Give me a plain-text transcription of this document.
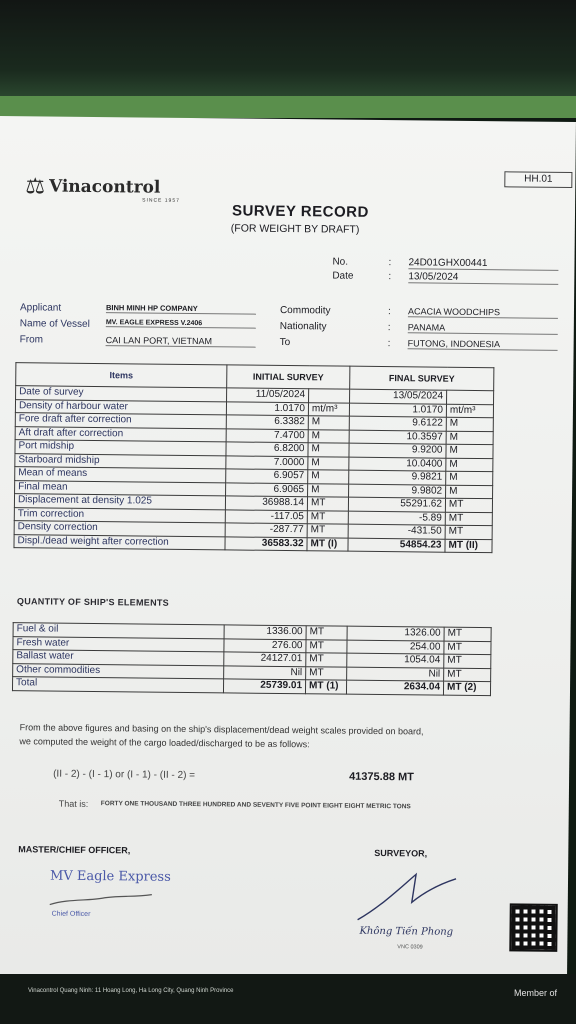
HH.01
⚖ Vinacontrol
SINCE 1957
SURVEY RECORD
(FOR WEIGHT BY DRAFT)
No.	: 24D01GHX00441
Date	: 13/05/2024
Applicant	BINH MINH HP COMPANY
Name of Vessel MV. EAGLE EXPRESS V.2406
From	CAI LAN PORT, VIETNAM
Commodity	: ACACIA WOODCHIPS
Nationality	: PANAMA
To	: FUTONG, INDONESIA
Items	INITIAL SURVEY		FINAL SURVEY	
Date of survey	11/05/2024		13/05/2024	
Density of harbour water	1.0170	mt/m³	1.0170	mt/m³
Fore draft after correction	6.3382	M	9.6122	M
Aft draft after correction	7.4700	M	10.3597	M
Port midship	6.8200	M	9.9200	M
Starboard midship	7.0000	M	10.0400	M
Mean of means	6.9057	M	9.9821	M
Final mean	6.9065	M	9.9802	M
Displacement at density 1.025	36988.14	MT	55291.62	MT
Trim correction	-117.05	MT	-5.89	MT
Density correction	-287.77	MT	-431.50	MT
Displ./dead weight after correction	36583.32	MT (I)	54854.23	MT (II)
QUANTITY OF SHIP'S ELEMENTS
Fuel & oil	1336.00	MT	1326.00	MT
Fresh water	276.00	MT	254.00	MT
Ballast water	24127.01	MT	1054.04	MT
Other commodities	Nil	MT	Nil	MT
Total	25739.01	MT (1)	2634.04	MT (2)
From the above figures and basing on the ship's displacement/dead weight scales provided on board,
we computed the weight of the cargo loaded/discharged to be as follows:
(II - 2) - (I - 1) or (I - 1) - (II - 2) =	41375.88 MT
That is: FORTY ONE THOUSAND THREE HUNDRED AND SEVENTY FIVE POINT EIGHT EIGHT METRIC TONS
MASTER/CHIEF OFFICER,	SURVEYOR,
MV Eagle Express
Chief Officer
Không Tiến Phong
VNC 0309
Vinacontrol Quang Ninh: 11 Hoang Long, Ha Long City, Quang Ninh Province	Member of
